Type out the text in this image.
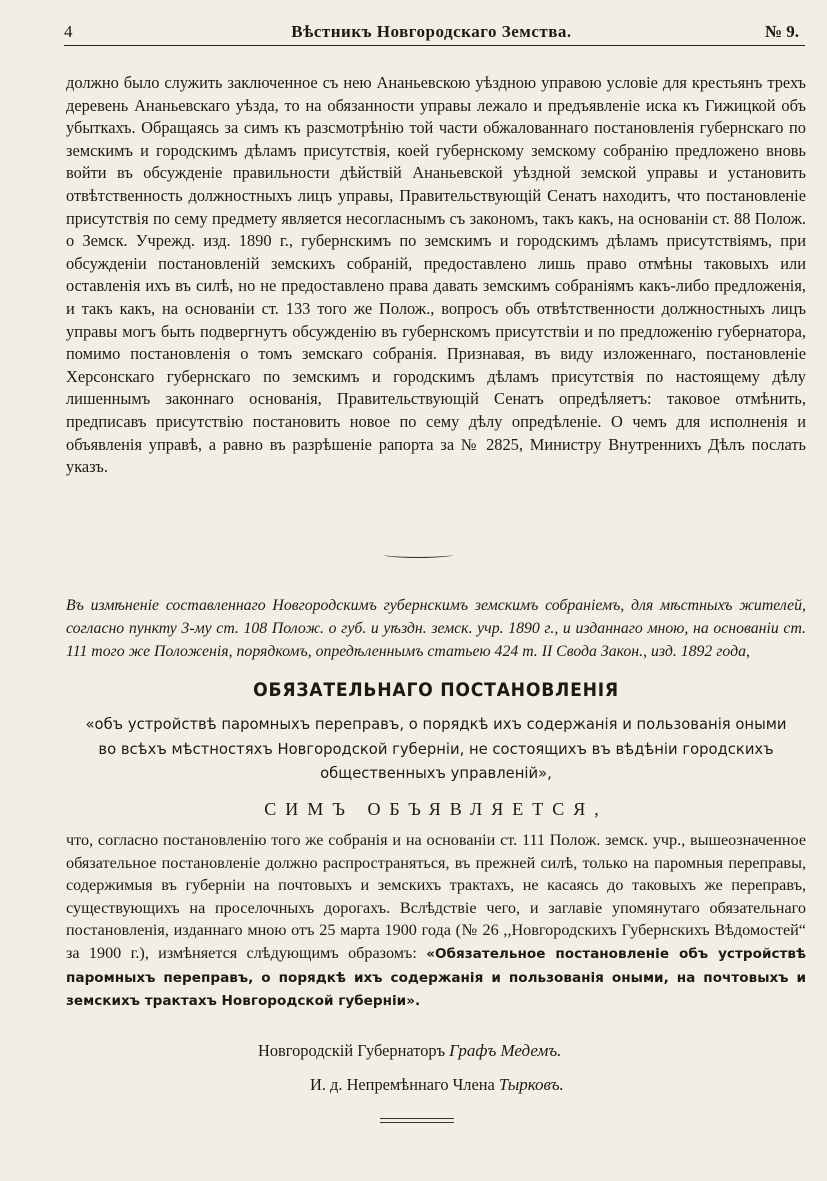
4	Вѣстникъ Новгородскаго Земства.	№ 9.

должно было служить заключенное съ нею Ананьевскою уѣздною управою условіе для крестьянъ трехъ деревень Ананьевскаго уѣзда, то на обязанности управы лежало и предъявленіе иска къ Гижицкой объ убыткахъ. Обращаясь за симъ къ разсмотрѣнію той части обжалованнаго постановленія губернскаго по земскимъ и городскимъ дѣламъ присутствія, коей губернскому земскому собранію предложено вновь войти въ обсужденіе правильности дѣйствій Ананьевской уѣздной земской управы и установить отвѣтственность должностныхъ лицъ управы, Правительствующій Сенатъ находитъ, что постановленіе присутствія по сему предмету является несогласнымъ съ закономъ, такъ какъ, на основаніи ст. 88 Полож. о Земск. Учрежд. изд. 1890 г., губернскимъ по земскимъ и городскимъ дѣламъ присутствіямъ, при обсужденіи постановленій земскихъ собраній, предоставлено лишь право отмѣны таковыхъ или оставленія ихъ въ силѣ, но не предоставлено права давать земскимъ собраніямъ какъ-либо предложенія, и такъ какъ, на основаніи ст. 133 того же Полож., вопросъ объ отвѣтственности должностныхъ лицъ управы могъ быть подвергнутъ обсужденію въ губернскомъ присутствіи и по предложенію губернатора, помимо постановленія о томъ земскаго собранія. Признавая, въ виду изложеннаго, постановленіе Херсонскаго губернскаго по земскимъ и городскимъ дѣламъ присутствія по настоящему дѣлу лишеннымъ законнаго основанія, Правительствующій Сенатъ опредѣляетъ: таковое отмѣнить, предписавъ присутствію постановить новое по сему дѣлу опредѣленіе. О чемъ для исполненія и объявленія управѣ, а равно въ разрѣшеніе рапорта за № 2825, Министру Внутреннихъ Дѣлъ послать указъ.

Въ измѣненіе составленнаго Новгородскимъ губернскимъ земскимъ собраніемъ, для мѣстныхъ жителей, согласно пункту 3-му ст. 108 Полож. о губ. и уѣздн. земск. учр. 1890 г., и изданнаго мною, на основаніи ст. 111 того же Положенія, порядкомъ, опредѣленнымъ статьею 424 т. II Свода Закон., изд. 1892 года,
ОБЯЗАТЕЛЬНАГО ПОСТАНОВЛЕНІЯ
«объ устройствѣ паромныхъ переправъ, о порядкѣ ихъ содержанія и пользованія оными во всѣхъ мѣстностяхъ Новгородской губерніи, не состоящихъ въ вѣдѣніи городскихъ общественныхъ управленій»,
СИМЪ ОБЪЯВЛЯЕТСЯ,
что, согласно постановленію того же собранія и на основаніи ст. 111 Полож. земск. учр., вышеозначенное обязательное постановленіе должно распространяться, въ прежней силѣ, только на паромныя переправы, содержимыя въ губерніи на почтовыхъ и земскихъ трактахъ, не касаясь до таковыхъ же переправъ, существующихъ на проселочныхъ дорогахъ. Вслѣдствіе чего, и заглавіе упомянутаго обязательнаго постановленія, изданнаго мною отъ 25 марта 1900 года (№ 26 ,,Новгородскихъ Губернскихъ Вѣдомостей“ за 1900 г.), измѣняется слѣдующимъ образомъ: «Обязательное постановленіе объ устройствѣ паромныхъ переправъ, о порядкѣ ихъ содержанія и пользованія оными, на почтовыхъ и земскихъ трактахъ Новгородской губерніи».
Новгородскій Губернаторъ Графъ Медемъ.
И. д. Непремѣннаго Члена Тырковъ.
